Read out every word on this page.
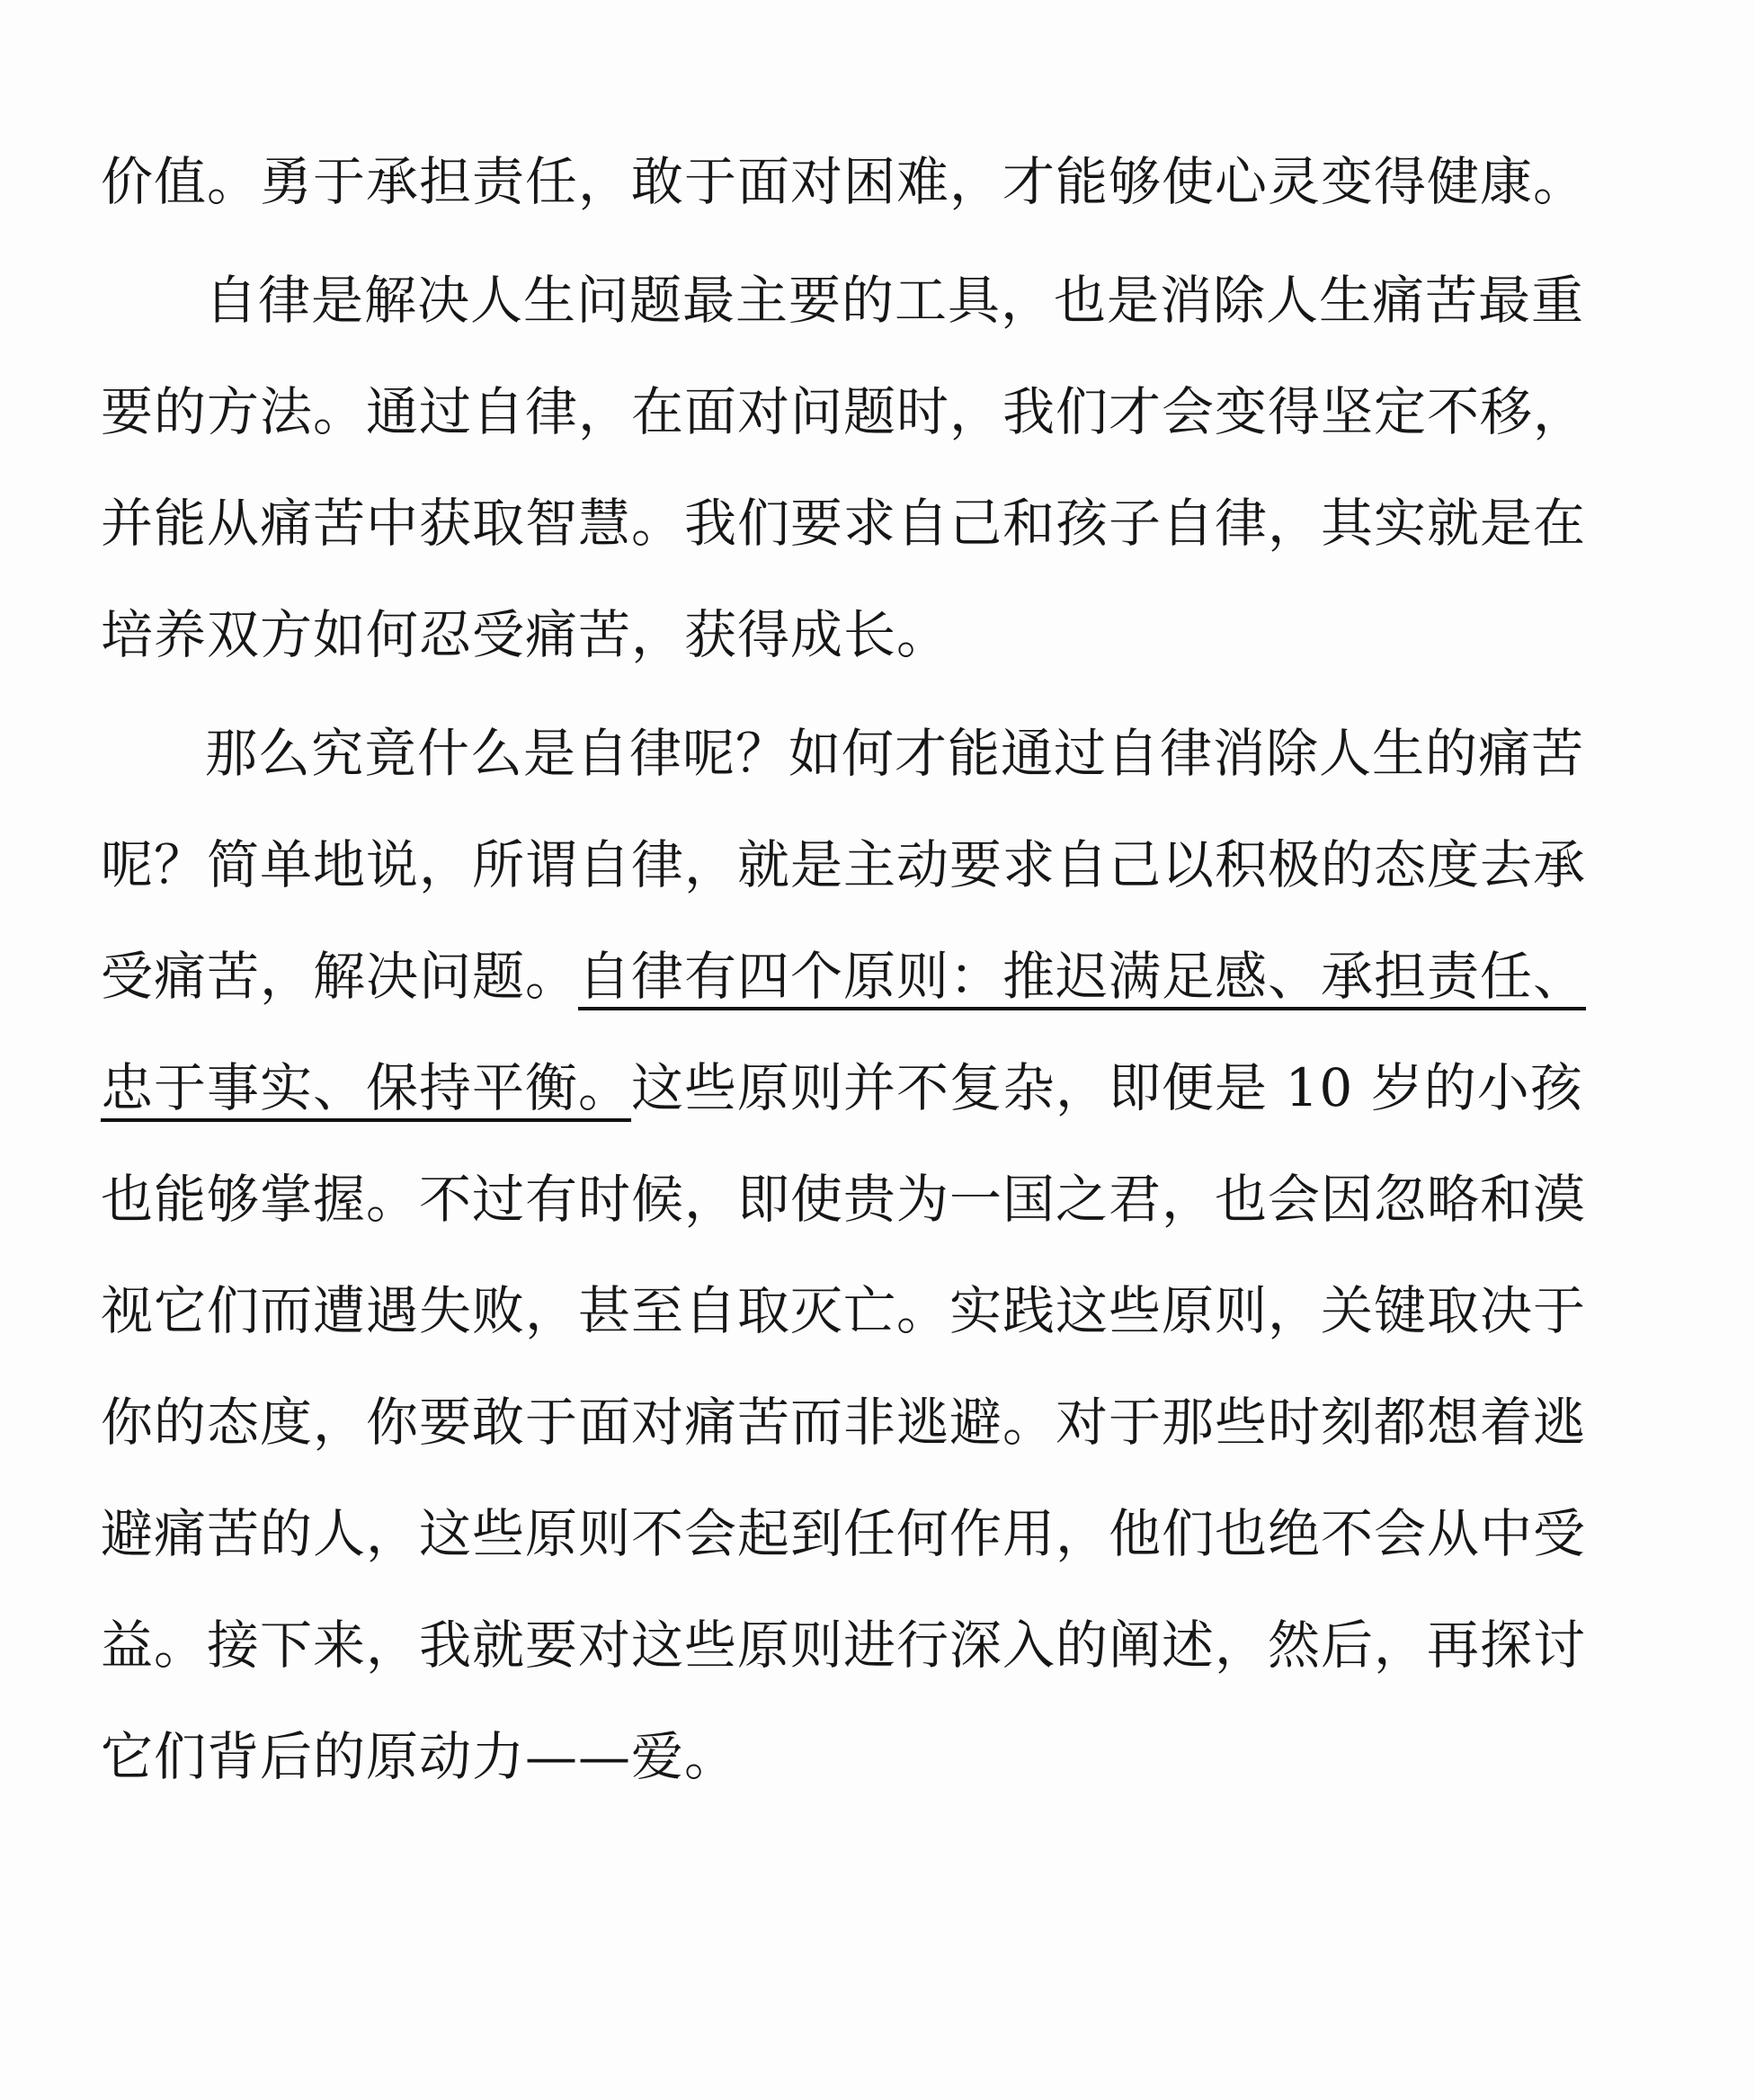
价值。勇于承担责任，敢于面对困难，才能够使心灵变得健康。
自律是解决人生问题最主要的工具，也是消除人生痛苦最重
要的方法。通过自律，在面对问题时，我们才会变得坚定不移，
并能从痛苦中获取智慧。我们要求自己和孩子自律，其实就是在
培养双方如何忍受痛苦，获得成长。
那么究竟什么是自律呢？如何才能通过自律消除人生的痛苦
呢？简单地说，所谓自律，就是主动要求自己以积极的态度去承
受痛苦，解决问题。自律有四个原则：推迟满足感、承担责任、
忠于事实、保持平衡。这些原则并不复杂，即便是 10 岁的小孩
也能够掌握。不过有时候，即使贵为一国之君，也会因忽略和漠
视它们而遭遇失败，甚至自取灭亡。实践这些原则，关键取决于
你的态度，你要敢于面对痛苦而非逃避。对于那些时刻都想着逃
避痛苦的人，这些原则不会起到任何作用，他们也绝不会从中受
益。接下来，我就要对这些原则进行深入的阐述，然后，再探讨
它们背后的原动力——爱。
